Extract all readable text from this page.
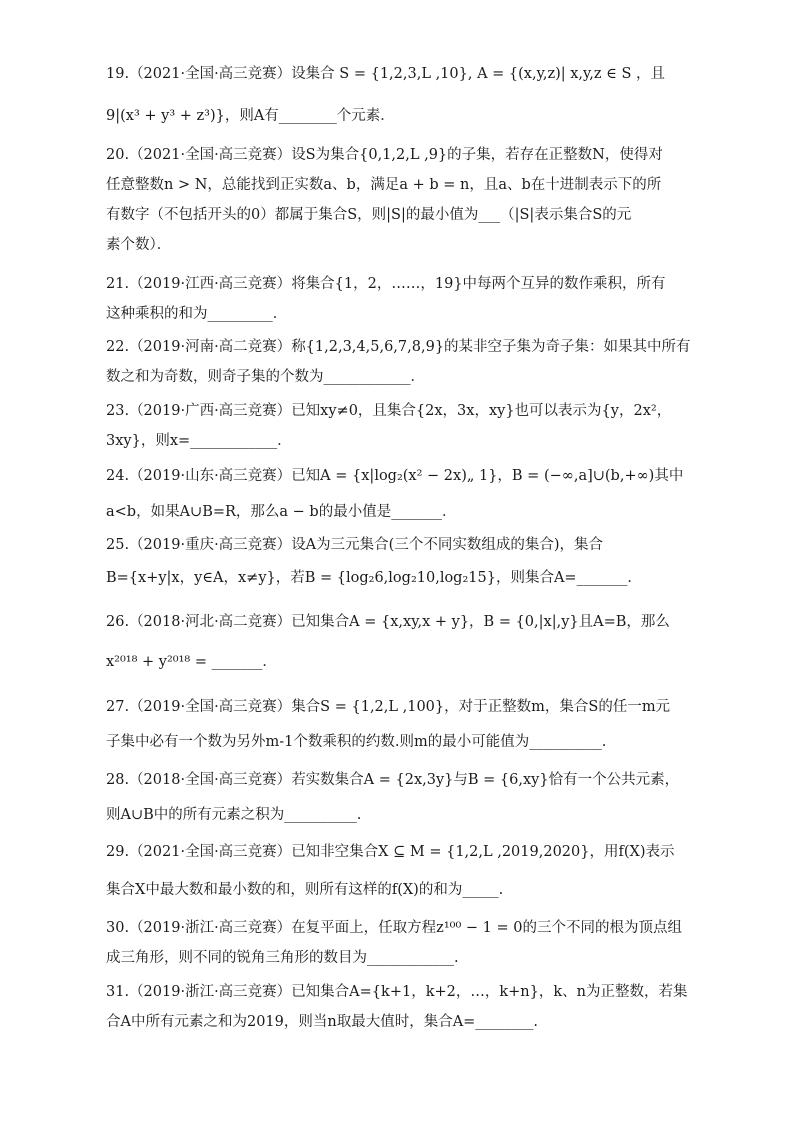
19.（2021·全国·高三竞赛）设集合 S = {1,2,3,L ,10}, A = {(x,y,z)| x,y,z ∈ S ，且
9|(x³ + y³ + z³)}，则A有________个元素．
20.（2021·全国·高三竞赛）设S为集合{0,1,2,L ,9}的子集，若存在正整数N，使得对
任意整数n > N，总能找到正实数a、b，满足a + b = n，且a、b在十进制表示下的所
有数字（不包括开头的0）都属于集合S，则|S|的最小值为___（|S|表示集合S的元
素个数）．
21.（2019·江西·高三竞赛）将集合{1，2，……，19}中每两个互异的数作乘积，所有
这种乘积的和为_________．
22.（2019·河南·高二竞赛）称{1,2,3,4,5,6,7,8,9}的某非空子集为奇子集：如果其中所有
数之和为奇数，则奇子集的个数为____________．
23.（2019·广西·高三竞赛）已知xy≠0，且集合{2x，3x，xy}也可以表示为{y，2x²，
3xy}，则x=____________．
24.（2019·山东·高三竞赛）已知A = {x|log₂(x² − 2x)„ 1}，B = (−∞,a]∪(b,+∞)其中
a<b，如果A∪B=R，那么a − b的最小值是_______．
25.（2019·重庆·高三竞赛）设A为三元集合(三个不同实数组成的集合)，集合
B={x+y|x，y∈A，x≠y}，若B = {log₂6,log₂10,log₂15}，则集合A=_______．
26.（2018·河北·高二竞赛）已知集合A = {x,xy,x + y}，B = {0,|x|,y}且A=B，那么
x²⁰¹⁸ + y²⁰¹⁸ = _______．
27.（2019·全国·高三竞赛）集合S = {1,2,L ,100}，对于正整数m，集合S的任一m元
子集中必有一个数为另外m-1个数乘积的约数.则m的最小可能值为__________.
28.（2018·全国·高三竞赛）若实数集合A = {2x,3y}与B = {6,xy}恰有一个公共元素，
则A∪B中的所有元素之积为__________.
29.（2021·全国·高三竞赛）已知非空集合X ⊆ M = {1,2,L ,2019,2020}，用f(X)表示
集合X中最大数和最小数的和，则所有这样的f(X)的和为_____.
30.（2019·浙江·高三竞赛）在复平面上，任取方程z¹⁰⁰ − 1 = 0的三个不同的根为顶点组
成三角形，则不同的锐角三角形的数目为____________.
31.（2019·浙江·高三竞赛）已知集合A={k+1，k+2，…，k+n}，k、n为正整数，若集
合A中所有元素之和为2019，则当n取最大值时，集合A=________.
